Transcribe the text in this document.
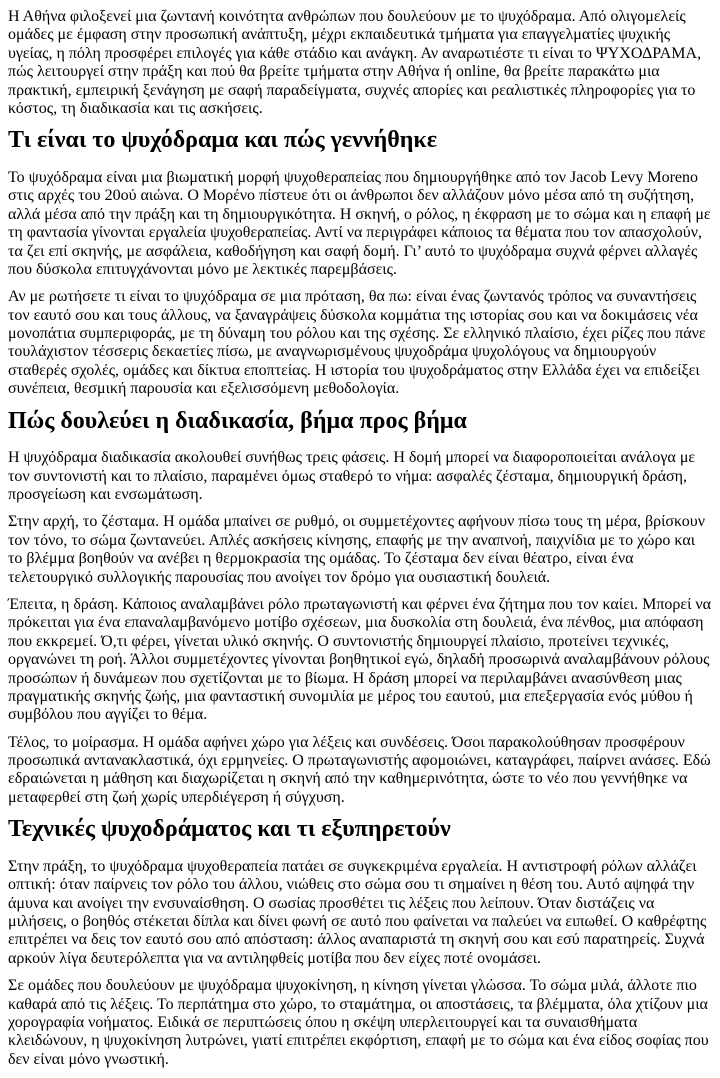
Η Αθήνα φιλοξενεί μια ζωντανή κοινότητα ανθρώπων που δουλεύουν με το ψυχόδραμα. Από ολιγομελείς ομάδες με έμφαση στην προσωπική ανάπτυξη, μέχρι εκπαιδευτικά τμήματα για επαγγελματίες ψυχικής υγείας, η πόλη προσφέρει επιλογές για κάθε στάδιο και ανάγκη. Αν αναρωτιέστε τι είναι το ΨΥΧΟΔΡΑΜΑ, πώς λειτουργεί στην πράξη και πού θα βρείτε τμήματα στην Αθήνα ή online, θα βρείτε παρακάτω μια πρακτική, εμπειρική ξενάγηση με σαφή παραδείγματα, συχνές απορίες και ρεαλιστικές πληροφορίες για το κόστος, τη διαδικασία και τις ασκήσεις.

Τι είναι το ψυχόδραμα και πώς γεννήθηκε

Το ψυχόδραμα είναι μια βιωματική μορφή ψυχοθεραπείας που δημιουργήθηκε από τον Jacob Levy Moreno στις αρχές του 20ού αιώνα. Ο Μορένο πίστευε ότι οι άνθρωποι δεν αλλάζουν μόνο μέσα από τη συζήτηση, αλλά μέσα από την πράξη και τη δημιουργικότητα. Η σκηνή, ο ρόλος, η έκφραση με το σώμα και η επαφή με τη φαντασία γίνονται εργαλεία ψυχοθεραπείας. Αντί να περιγράφει κάποιος τα θέματα που τον απασχολούν, τα ζει επί σκηνής, με ασφάλεια, καθοδήγηση και σαφή δομή. Γι’ αυτό το ψυχόδραμα συχνά φέρνει αλλαγές που δύσκολα επιτυγχάνονται μόνο με λεκτικές παρεμβάσεις.

Αν με ρωτήσετε τι είναι το ψυχόδραμα σε μια πρόταση, θα πω: είναι ένας ζωντανός τρόπος να συναντήσεις τον εαυτό σου και τους άλλους, να ξαναγράψεις δύσκολα κομμάτια της ιστορίας σου και να δοκιμάσεις νέα μονοπάτια συμπεριφοράς, με τη δύναμη του ρόλου και της σχέσης. Σε ελληνικό πλαίσιο, έχει ρίζες που πάνε τουλάχιστον τέσσερις δεκαετίες πίσω, με αναγνωρισμένους ψυχοδράμα ψυχολόγους να δημιουργούν σταθερές σχολές, ομάδες και δίκτυα εποπτείας. Η ιστορία του ψυχοδράματος στην Ελλάδα έχει να επιδείξει συνέπεια, θεσμική παρουσία και εξελισσόμενη μεθοδολογία.

Πώς δουλεύει η διαδικασία, βήμα προς βήμα

Η ψυχόδραμα διαδικασία ακολουθεί συνήθως τρεις φάσεις. Η δομή μπορεί να διαφοροποιείται ανάλογα με τον συντονιστή και το πλαίσιο, παραμένει όμως σταθερό το νήμα: ασφαλές ζέσταμα, δημιουργική δράση, προσγείωση και ενσωμάτωση.

Στην αρχή, το ζέσταμα. Η ομάδα μπαίνει σε ρυθμό, οι συμμετέχοντες αφήνουν πίσω τους τη μέρα, βρίσκουν τον τόνο, το σώμα ζωντανεύει. Απλές ασκήσεις κίνησης, επαφής με την αναπνοή, παιχνίδια με το χώρο και το βλέμμα βοηθούν να ανέβει η θερμοκρασία της ομάδας. Το ζέσταμα δεν είναι θέατρο, είναι ένα τελετουργικό συλλογικής παρουσίας που ανοίγει τον δρόμο για ουσιαστική δουλειά.

Έπειτα, η δράση. Κάποιος αναλαμβάνει ρόλο πρωταγωνιστή και φέρνει ένα ζήτημα που τον καίει. Μπορεί να πρόκειται για ένα επαναλαμβανόμενο μοτίβο σχέσεων, μια δυσκολία στη δουλειά, ένα πένθος, μια απόφαση που εκκρεμεί. Ό,τι φέρει, γίνεται υλικό σκηνής. Ο συντονιστής δημιουργεί πλαίσιο, προτείνει τεχνικές, οργανώνει τη ροή. Άλλοι συμμετέχοντες γίνονται βοηθητικοί εγώ, δηλαδή προσωρινά αναλαμβάνουν ρόλους προσώπων ή δυνάμεων που σχετίζονται με το βίωμα. Η δράση μπορεί να περιλαμβάνει ανασύνθεση μιας πραγματικής σκηνής ζωής, μια φανταστική συνομιλία με μέρος του εαυτού, μια επεξεργασία ενός μύθου ή συμβόλου που αγγίζει το θέμα.

Τέλος, το μοίρασμα. Η ομάδα αφήνει χώρο για λέξεις και συνδέσεις. Όσοι παρακολούθησαν προσφέρουν προσωπικά αντανακλαστικά, όχι ερμηνείες. Ο πρωταγωνιστής αφομοιώνει, καταγράφει, παίρνει ανάσες. Εδώ εδραιώνεται η μάθηση και διαχωρίζεται η σκηνή από την καθημερινότητα, ώστε το νέο που γεννήθηκε να μεταφερθεί στη ζωή χωρίς υπερδιέγερση ή σύγχυση.

Τεχνικές ψυχοδράματος και τι εξυπηρετούν

Στην πράξη, το ψυχόδραμα ψυχοθεραπεία πατάει σε συγκεκριμένα εργαλεία. Η αντιστροφή ρόλων αλλάζει οπτική: όταν παίρνεις τον ρόλο του άλλου, νιώθεις στο σώμα σου τι σημαίνει η θέση του. Αυτό αψηφά την άμυνα και ανοίγει την ενσυναίσθηση. Ο σωσίας προσθέτει τις λέξεις που λείπουν. Όταν διστάζεις να μιλήσεις, ο βοηθός στέκεται δίπλα και δίνει φωνή σε αυτό που φαίνεται να παλεύει να ειπωθεί. Ο καθρέφτης επιτρέπει να δεις τον εαυτό σου από απόσταση: άλλος αναπαριστά τη σκηνή σου και εσύ παρατηρείς. Συχνά αρκούν λίγα δευτερόλεπτα για να αντιληφθείς μοτίβα που δεν είχες ποτέ ονομάσει.

Σε ομάδες που δουλεύουν με ψυχόδραμα ψυχοκίνηση, η κίνηση γίνεται γλώσσα. Το σώμα μιλά, άλλοτε πιο καθαρά από τις λέξεις. Το περπάτημα στο χώρο, το σταμάτημα, οι αποστάσεις, τα βλέμματα, όλα χτίζουν μια χορογραφία νοήματος. Ειδικά σε περιπτώσεις όπου η σκέψη υπερλειτουργεί και τα συναισθήματα κλειδώνουν, η ψυχοκίνηση λυτρώνει, γιατί επιτρέπει εκφόρτιση, επαφή με το σώμα και ένα είδος σοφίας που δεν είναι μόνο γνωστική.
